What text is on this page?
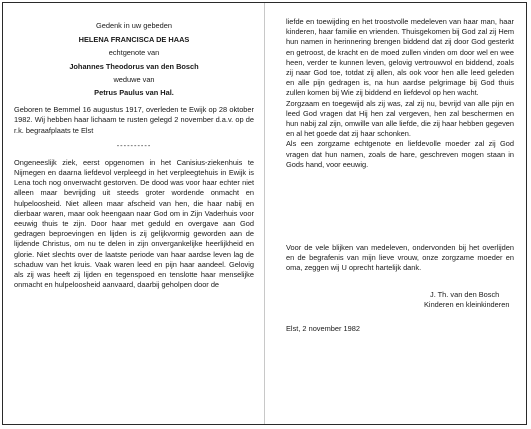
Gedenk in uw gebeden

HELENA FRANCISCA DE HAAS

echtgenote van

Johannes Theodorus van den Bosch

weduwe van

Petrus Paulus van Hal.

Geboren te Bemmel 16 augustus 1917, overleden te Ewijk op 28 oktober 1982. Wij hebben haar lichaam te rusten gelegd 2 november d.a.v. op de r.k. begraafplaats te Elst

----------

Ongeneeslijk ziek, eerst opgenomen in het Canisius-ziekenhuis te Nijmegen en daarna liefdevol verpleegd in het verpleegtehuis in Ewijk is Lena toch nog onverwacht gestorven. De dood was voor haar echter niet alleen maar bevrijding uit steeds groter wordende onmacht en hulpeloosheid. Niet alleen maar afscheid van hen, die haar nabij en dierbaar waren, maar ook heengaan naar God om in Zijn Vaderhuis voor eeuwig thuis te zijn. Door haar met geduld en overgave aan God gedragen beproevingen en lijden is zij gelijkvormig geworden aan de lijdende Christus, om nu te delen in zijn onvergankelijke heerlijkheid en glorie. Niet slechts over de laatste periode van haar aardse leven lag de schaduw van het kruis. Vaak waren leed en pijn haar aandeel. Gelovig als zij was heeft zij lijden en tegenspoed en tenslotte haar menselijke onmacht en hulpeloosheid aanvaard, daarbij geholpen door de

liefde en toewijding en het troostvolle medeleven van haar man, haar kinderen, haar familie en vrienden. Thuisgekomen bij God zal zij Hem hun namen in herinnering brengen biddend dat zij door God gesterkt en getroost, de kracht en de moed zullen vinden om door wel en wee heen, verder te kunnen leven, gelovig vertrouwvol en biddend, zoals zij naar God toe, totdat zij allen, als ook voor hen alle leed geleden en alle pijn gedragen is, na hun aardse pelgrimage bij God thuis zullen komen bij Wie zij biddend en liefdevol op hen wacht.

Zorgzaam en toegewijd als zij was, zal zij nu, bevrijd van alle pijn en leed God vragen dat Hij hen zal vergeven, hen zal beschermen en hun nabij zal zijn, omwille van alle liefde, die zij haar hebben gegeven en al het goede dat zij haar schonken.

Als een zorgzame echtgenote en liefdevolle moeder zal zij God vragen dat hun namen, zoals de hare, geschreven mogen staan in Gods hand, voor eeuwig.

Voor de vele blijken van medeleven, ondervonden bij het overlijden en de begrafenis van mijn lieve vrouw, onze zorgzame moeder en oma, zeggen wij U oprecht hartelijk dank.

J. Th. van den Bosch

Kinderen en kleinkinderen

Elst, 2 november 1982
